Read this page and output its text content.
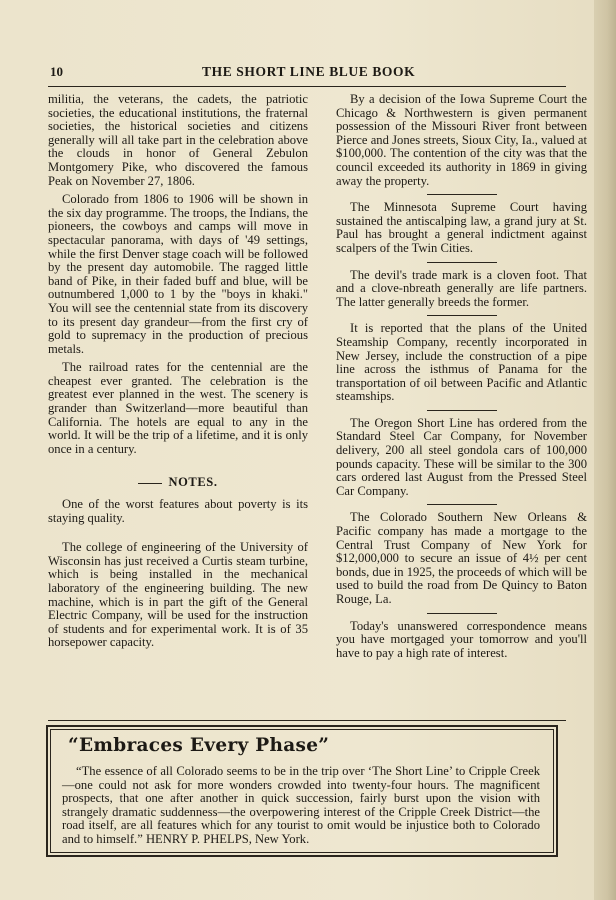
10	THE SHORT LINE BLUE BOOK

militia, the veterans, the cadets, the patriotic societies, the educational institutions, the fraternal societies, the historical societies and citizens generally will all take part in the celebration above the clouds in honor of General Zebulon Montgomery Pike, who discovered the famous Peak on November 27, 1806.

Colorado from 1806 to 1906 will be shown in the six day programme. The troops, the Indians, the pioneers, the cowboys and camps will move in spectacular panorama, with days of '49 settings, while the first Denver stage coach will be followed by the present day automobile. The ragged little band of Pike, in their faded buff and blue, will be outnumbered 1,000 to 1 by the "boys in khaki." You will see the centennial state from its discovery to its present day grandeur—from the first cry of gold to supremacy in the production of precious metals.

The railroad rates for the centennial are the cheapest ever granted. The celebration is the greatest ever planned in the west. The scenery is grander than Switzerland—more beautiful than California. The hotels are equal to any in the world. It will be the trip of a lifetime, and it is only once in a century.

NOTES.

One of the worst features about poverty is its staying quality.

The college of engineering of the University of Wisconsin has just received a Curtis steam turbine, which is being installed in the mechanical laboratory of the engineering building. The new machine, which is in part the gift of the General Electric Company, will be used for the instruction of students and for experimental work. It is of 35 horsepower capacity.

By a decision of the Iowa Supreme Court the Chicago & Northwestern is given permanent possession of the Missouri River front between Pierce and Jones streets, Sioux City, Ia., valued at $100,000. The contention of the city was that the council exceeded its authority in 1869 in giving away the property.

The Minnesota Supreme Court having sustained the antiscalping law, a grand jury at St. Paul has brought a general indictment against scalpers of the Twin Cities.

The devil's trade mark is a cloven foot. That and a clove-nbreath generally are life partners. The latter generally breeds the former.

It is reported that the plans of the United Steamship Company, recently incorporated in New Jersey, include the construction of a pipe line across the isthmus of Panama for the transportation of oil between Pacific and Atlantic steamships.

The Oregon Short Line has ordered from the Standard Steel Car Company, for November delivery, 200 all steel gondola cars of 100,000 pounds capacity. These will be similar to the 300 cars ordered last August from the Pressed Steel Car Company.

The Colorado Southern New Orleans & Pacific company has made a mortgage to the Central Trust Company of New York for $12,000,000 to secure an issue of 4½ per cent bonds, due in 1925, the proceeds of which will be used to build the road from De Quincy to Baton Rouge, La.

Today's unanswered correspondence means you have mortgaged your tomorrow and you'll have to pay a high rate of interest.

“Embraces Every Phase”
“The essence of all Colorado seems to be in the trip over ‘The Short Line’ to Cripple Creek—one could not ask for more wonders crowded into twenty-four hours. The magnificent prospects, that one after another in quick succession, fairly burst upon the vision with strangely dramatic suddenness—the overpowering interest of the Cripple Creek District—the road itself, are all features which for any tourist to omit would be injustice both to Colorado and to himself.” HENRY P. PHELPS, New York.
